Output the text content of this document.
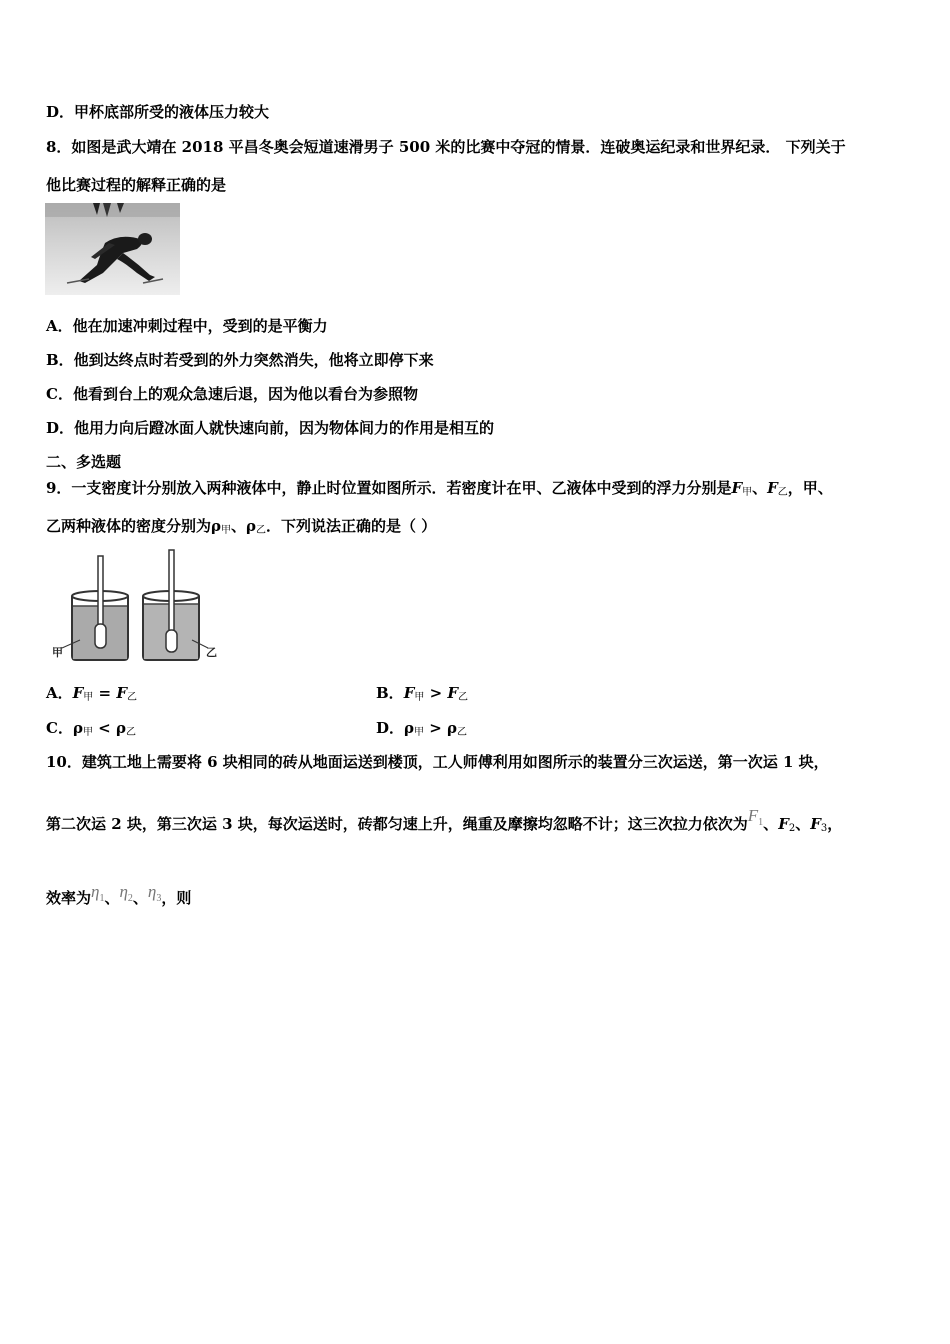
D．甲杯底部所受的液体压力较大
8．如图是武大靖在 2018 平昌冬奥会短道速滑男子 500 米的比赛中夺冠的情景．连破奥运纪录和世界纪录． 下列关于
他比赛过程的解释正确的是
A．他在加速冲刺过程中，受到的是平衡力
B．他到达终点时若受到的外力突然消失，他将立即停下来
C．他看到台上的观众急速后退，因为他以看台为参照物
D．他用力向后蹬冰面人就快速向前，因为物体间力的作用是相互的
二、多选题
9．一支密度计分别放入两种液体中，静止时位置如图所示．若密度计在甲、乙液体中受到的浮力分别是$F_甲$、$F_乙$，甲、
乙两种液体的密度分别为$\rho_甲$、$\rho_乙$．下列说法正确的是（ ）
甲	乙
A．$F_甲 = F_乙$	B．$F_甲 > F_乙$
C．$\rho_甲 < \rho_乙$	D．$\rho_甲 > \rho_乙$
10．建筑工地上需要将 6 块相同的砖从地面运送到楼顶，工人师傅利用如图所示的装置分三次运送，第一次运 1 块，
第二次运 2 块，第三次运 3 块，每次运送时，砖都匀速上升，绳重及摩擦均忽略不计；这三次拉力依次为$F_1$、$F_2$、$F_3$，
效率为$\eta_1$、$\eta_2$、$\eta_3$，则
